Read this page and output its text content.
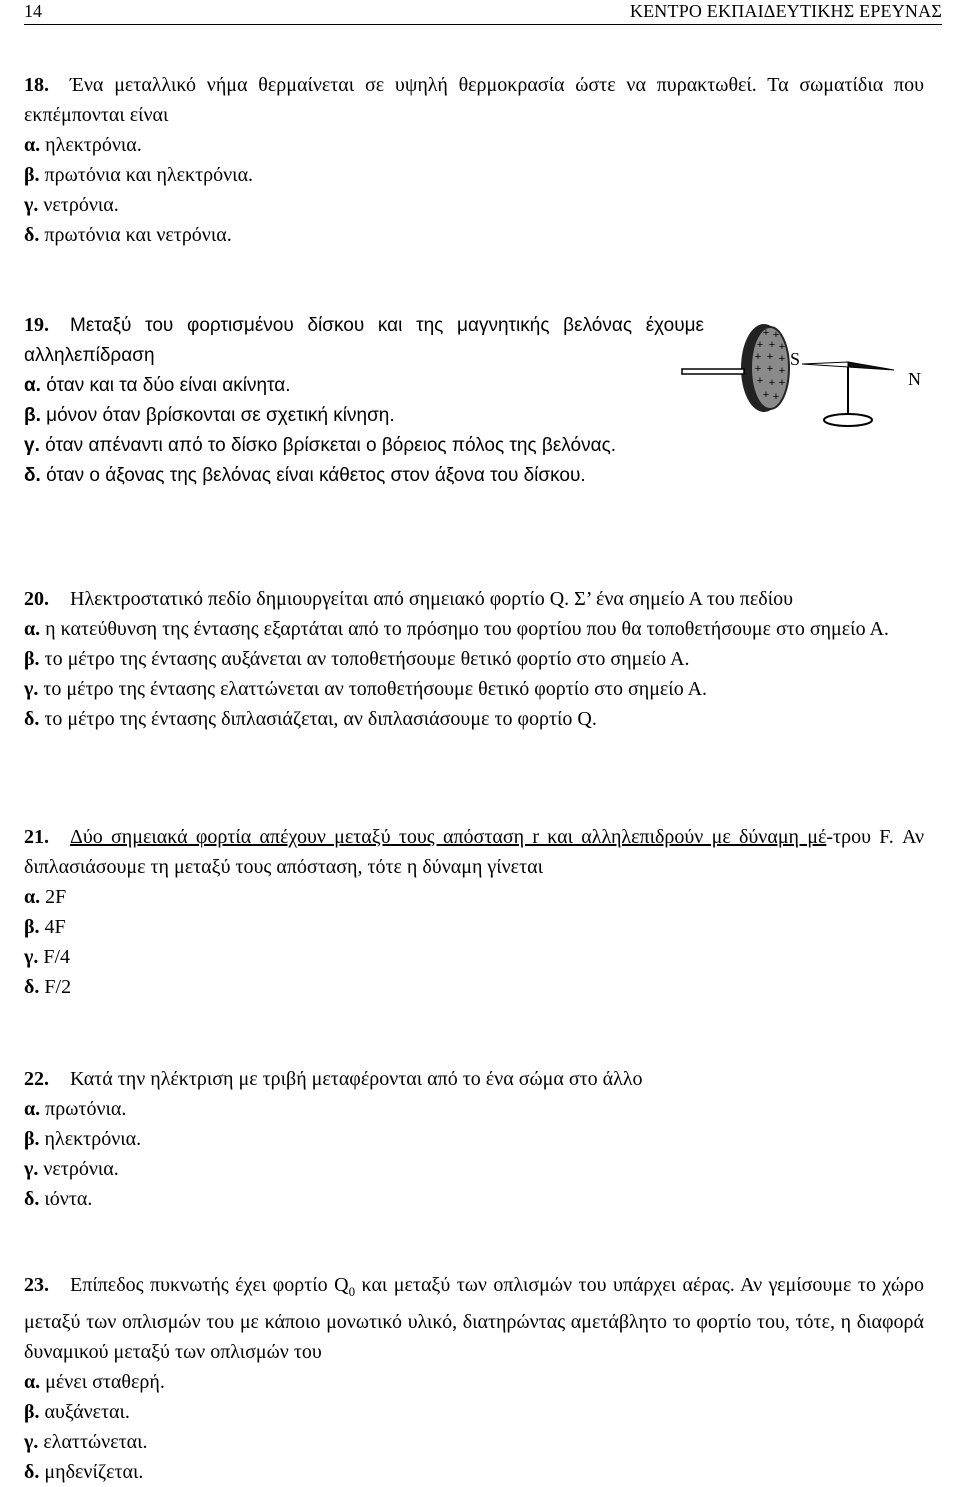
14	ΚΕΝΤΡΟ ΕΚΠΑΙΔΕΥΤΙΚΗΣ ΕΡΕΥΝΑΣ
18. Ένα μεταλλικό νήμα θερμαίνεται σε υψηλή θερμοκρασία ώστε να πυρακτωθεί. Τα σωματίδια που εκπέμπονται είναι
α. ηλεκτρόνια.
β. πρωτόνια και ηλεκτρόνια.
γ. νετρόνια.
δ. πρωτόνια και νετρόνια.
19. Μεταξύ του φορτισμένου δίσκου και της μαγνητικής βελόνας έχουμε αλληλεπίδραση
α. όταν και τα δύο είναι ακίνητα.
β. μόνον όταν βρίσκονται σε σχετική κίνηση.
γ. όταν απέναντι από το δίσκο βρίσκεται ο βόρειος πόλος της βελόνας.
δ. όταν ο άξονας της βελόνας είναι κάθετος στον άξονα του δίσκου.
+ +
+ + +
+ + +
+ + +
+ + +
+ +
S
N
20. Ηλεκτροστατικό πεδίο δημιουργείται από σημειακό φορτίο Q. Σ’ ένα σημείο Α του πεδίου
α. η κατεύθυνση της έντασης εξαρτάται από το πρόσημο του φορτίου που θα τοποθετήσουμε στο σημείο Α.
β. το μέτρο της έντασης αυξάνεται αν τοποθετήσουμε θετικό φορτίο στο σημείο Α.
γ. το μέτρο της έντασης ελαττώνεται αν τοποθετήσουμε θετικό φορτίο στο σημείο Α.
δ. το μέτρο της έντασης διπλασιάζεται, αν διπλασιάσουμε το φορτίο Q.
21. Δύο σημειακά φορτία απέχουν μεταξύ τους απόσταση r και αλληλεπιδρούν με δύναμη μέ-τρου F. Αν διπλασιάσουμε τη μεταξύ τους απόσταση, τότε η δύναμη γίνεται
α. 2F
β. 4F
γ. F/4
δ. F/2
22. Κατά την ηλέκτριση με τριβή μεταφέρονται από το ένα σώμα στο άλλο
α. πρωτόνια.
β. ηλεκτρόνια.
γ. νετρόνια.
δ. ιόντα.
23. Επίπεδος πυκνωτής έχει φορτίο $Q_0$ και μεταξύ των οπλισμών του υπάρχει αέρας. Αν γεμίσουμε το χώρο μεταξύ των οπλισμών του με κάποιο μονωτικό υλικό, διατηρώντας αμετάβλητο το φορτίο του, τότε, η διαφορά δυναμικού μεταξύ των οπλισμών του
α. μένει σταθερή.
β. αυξάνεται.
γ. ελαττώνεται.
δ. μηδενίζεται.
